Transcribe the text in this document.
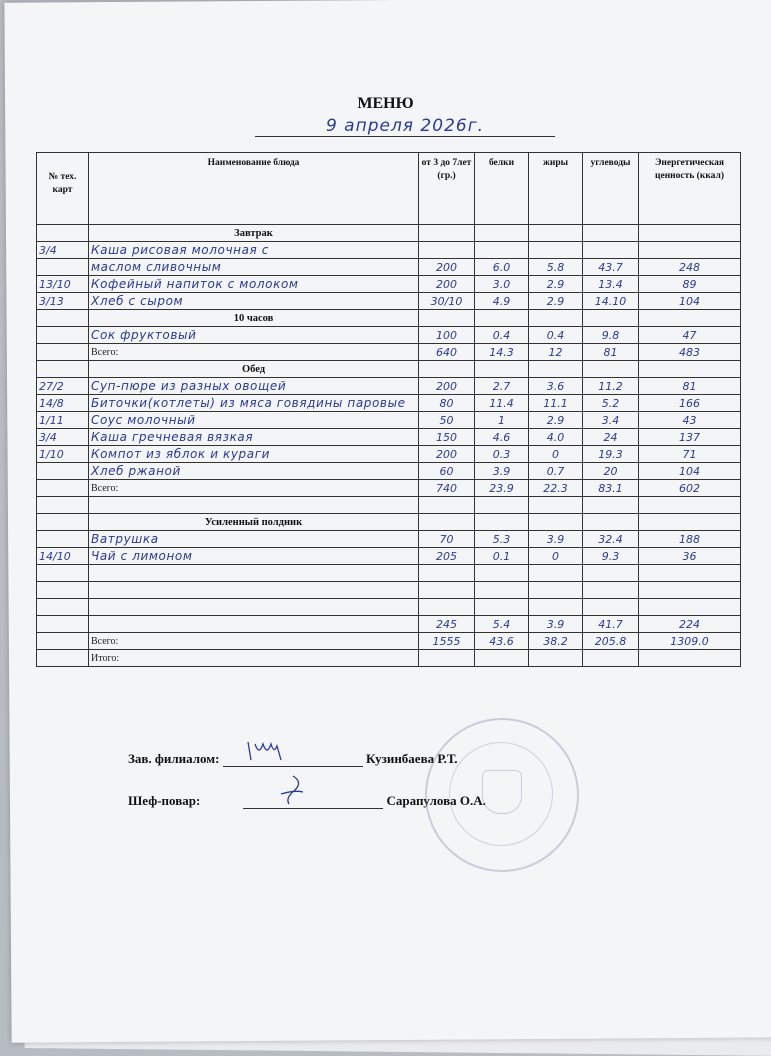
МЕНЮ
9 апреля 2026г.
№ тех. карт	Наименование блюда	от 3 до 7лет (гр.)	белки	жиры	углеводы	Энергетическая ценность (ккал)
	Завтрак					
3/4	Каша рисовая молочная с					
	маслом сливочным	200	6.0	5.8	43.7	248
13/10	Кофейный напиток с молоком	200	3.0	2.9	13.4	89
3/13	Хлеб с сыром	30/10	4.9	2.9	14.10	104
	10 часов					
	Сок фруктовый	100	0.4	0.4	9.8	47
	Всего:	640	14.3	12	81	483
	Обед					
27/2	Суп-пюре из разных овощей	200	2.7	3.6	11.2	81
14/8	Биточки(котлеты) из мяса говядины паровые	80	11.4	11.1	5.2	166
1/11	Соус молочный	50	1	2.9	3.4	43
3/4	Каша гречневая вязкая	150	4.6	4.0	24	137
1/10	Компот из яблок и кураги	200	0.3	0	19.3	71
	Хлеб ржаной	60	3.9	0.7	20	104
	Всего:	740	23.9	22.3	83.1	602

	Усиленный полдник					
	Ватрушка	70	5.3	3.9	32.4	188
14/10	Чай с лимоном	205	0.1	0	9.3	36

		245	5.4	3.9	41.7	224
	Всего:	1555	43.6	38.2	205.8	1309.0
	Итого:					
Зав. филиалом:	Кузинбаева Р.Т.
Шеф-повар:	Сарапулова О.А.
